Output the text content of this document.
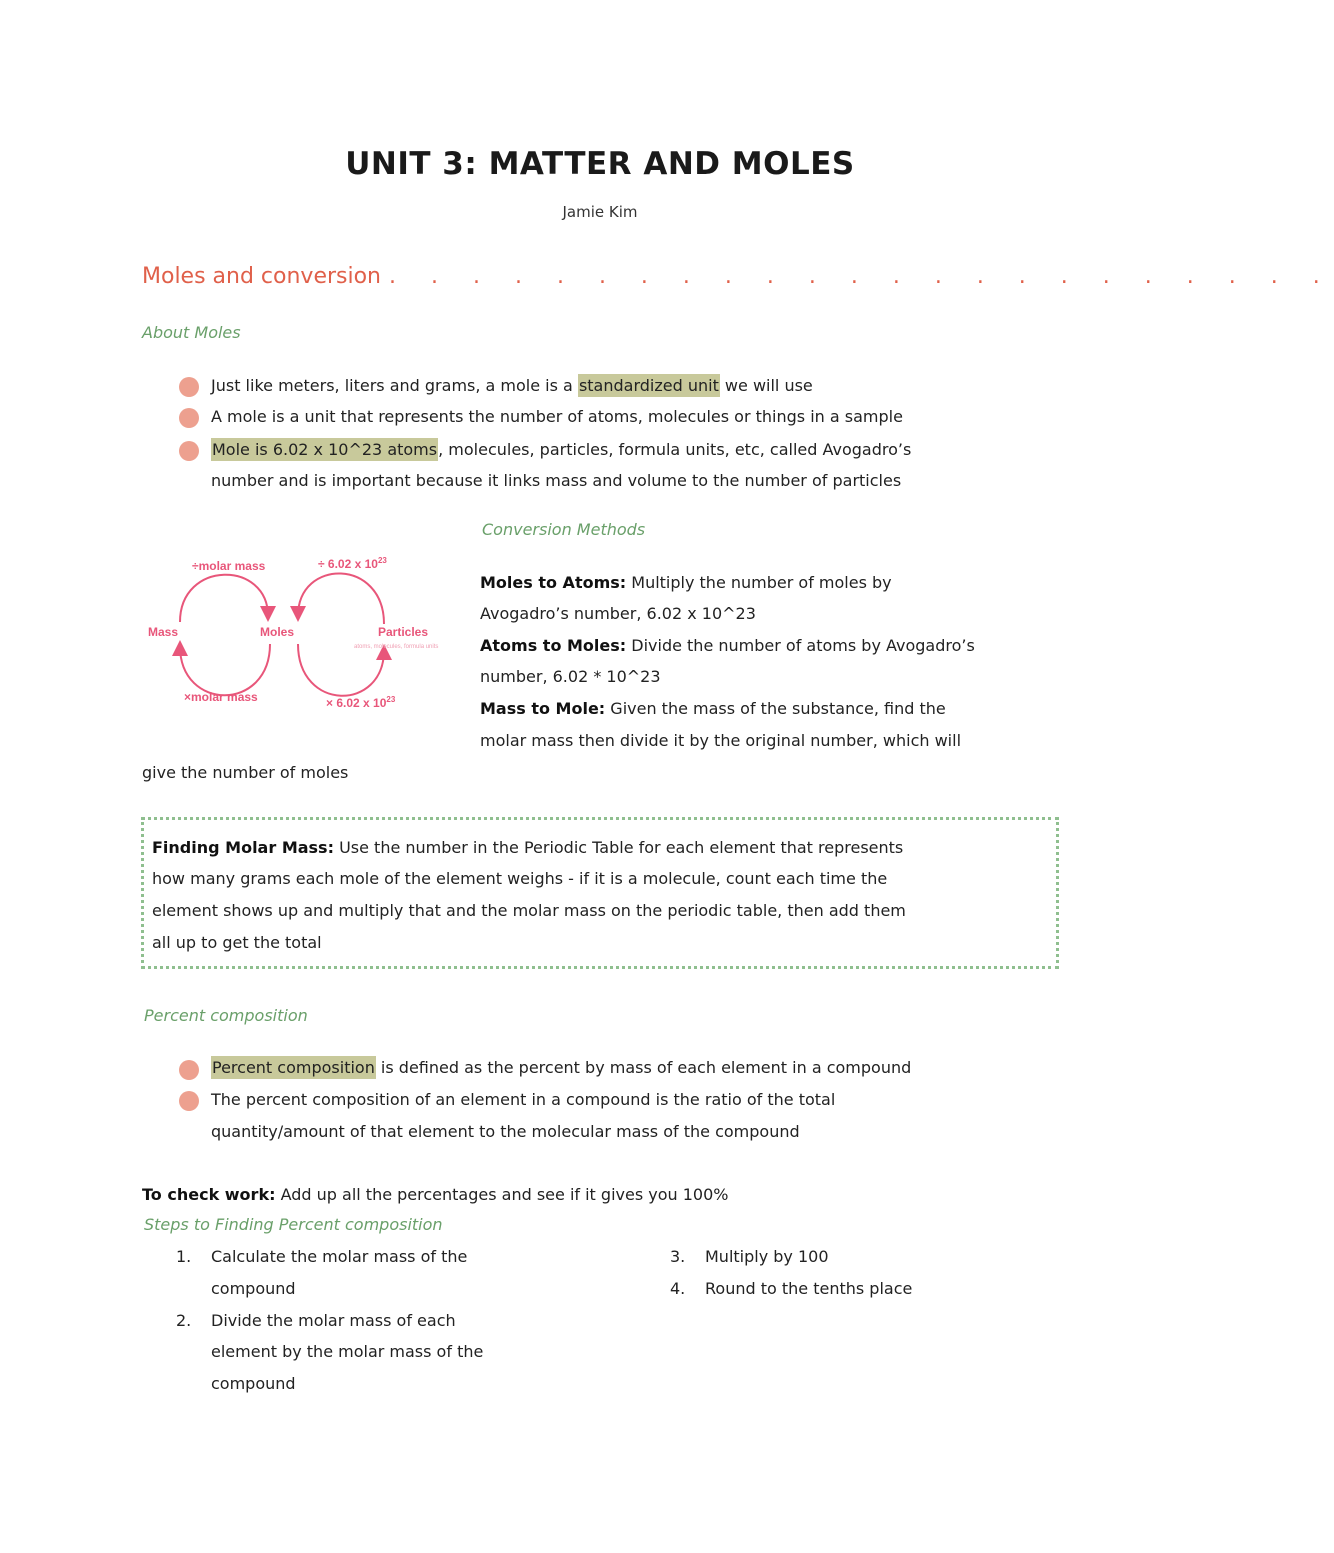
UNIT 3: MATTER AND MOLES
Jamie Kim
Moles and conversion . . . . . . . . . . . . . . . . . . . . . . .
About Moles
Just like meters, liters and grams, a mole is a standardized unit we will use
A mole is a unit that represents the number of atoms, molecules or things in a sample
Mole is 6.02 x 10^23 atoms, molecules, particles, formula units, etc, called Avogadro’s
number and is important because it links mass and volume to the number of particles
÷molar mass	÷ 6.02 x $10^{23}$
Mass	Moles	Particles
atoms, molecules, formula units
×molar mass	× 6.02 x $10^{23}$
Conversion Methods
Moles to Atoms: Multiply the number of moles by
Avogadro’s number, 6.02 x 10^23
Atoms to Moles: Divide the number of atoms by Avogadro’s
number, 6.02 * 10^23
Mass to Mole: Given the mass of the substance, find the
molar mass then divide it by the original number, which will
give the number of moles
Finding Molar Mass: Use the number in the Periodic Table for each element that represents
how many grams each mole of the element weighs - if it is a molecule, count each time the
element shows up and multiply that and the molar mass on the periodic table, then add them
all up to get the total
Percent composition
Percent composition is defined as the percent by mass of each element in a compound
The percent composition of an element in a compound is the ratio of the total
quantity/amount of that element to the molecular mass of the compound
To check work: Add up all the percentages and see if it gives you 100%
Steps to Finding Percent composition
1. Calculate the molar mass of the
compound
2. Divide the molar mass of each
element by the molar mass of the
compound
3. Multiply by 100
4. Round to the tenths place
